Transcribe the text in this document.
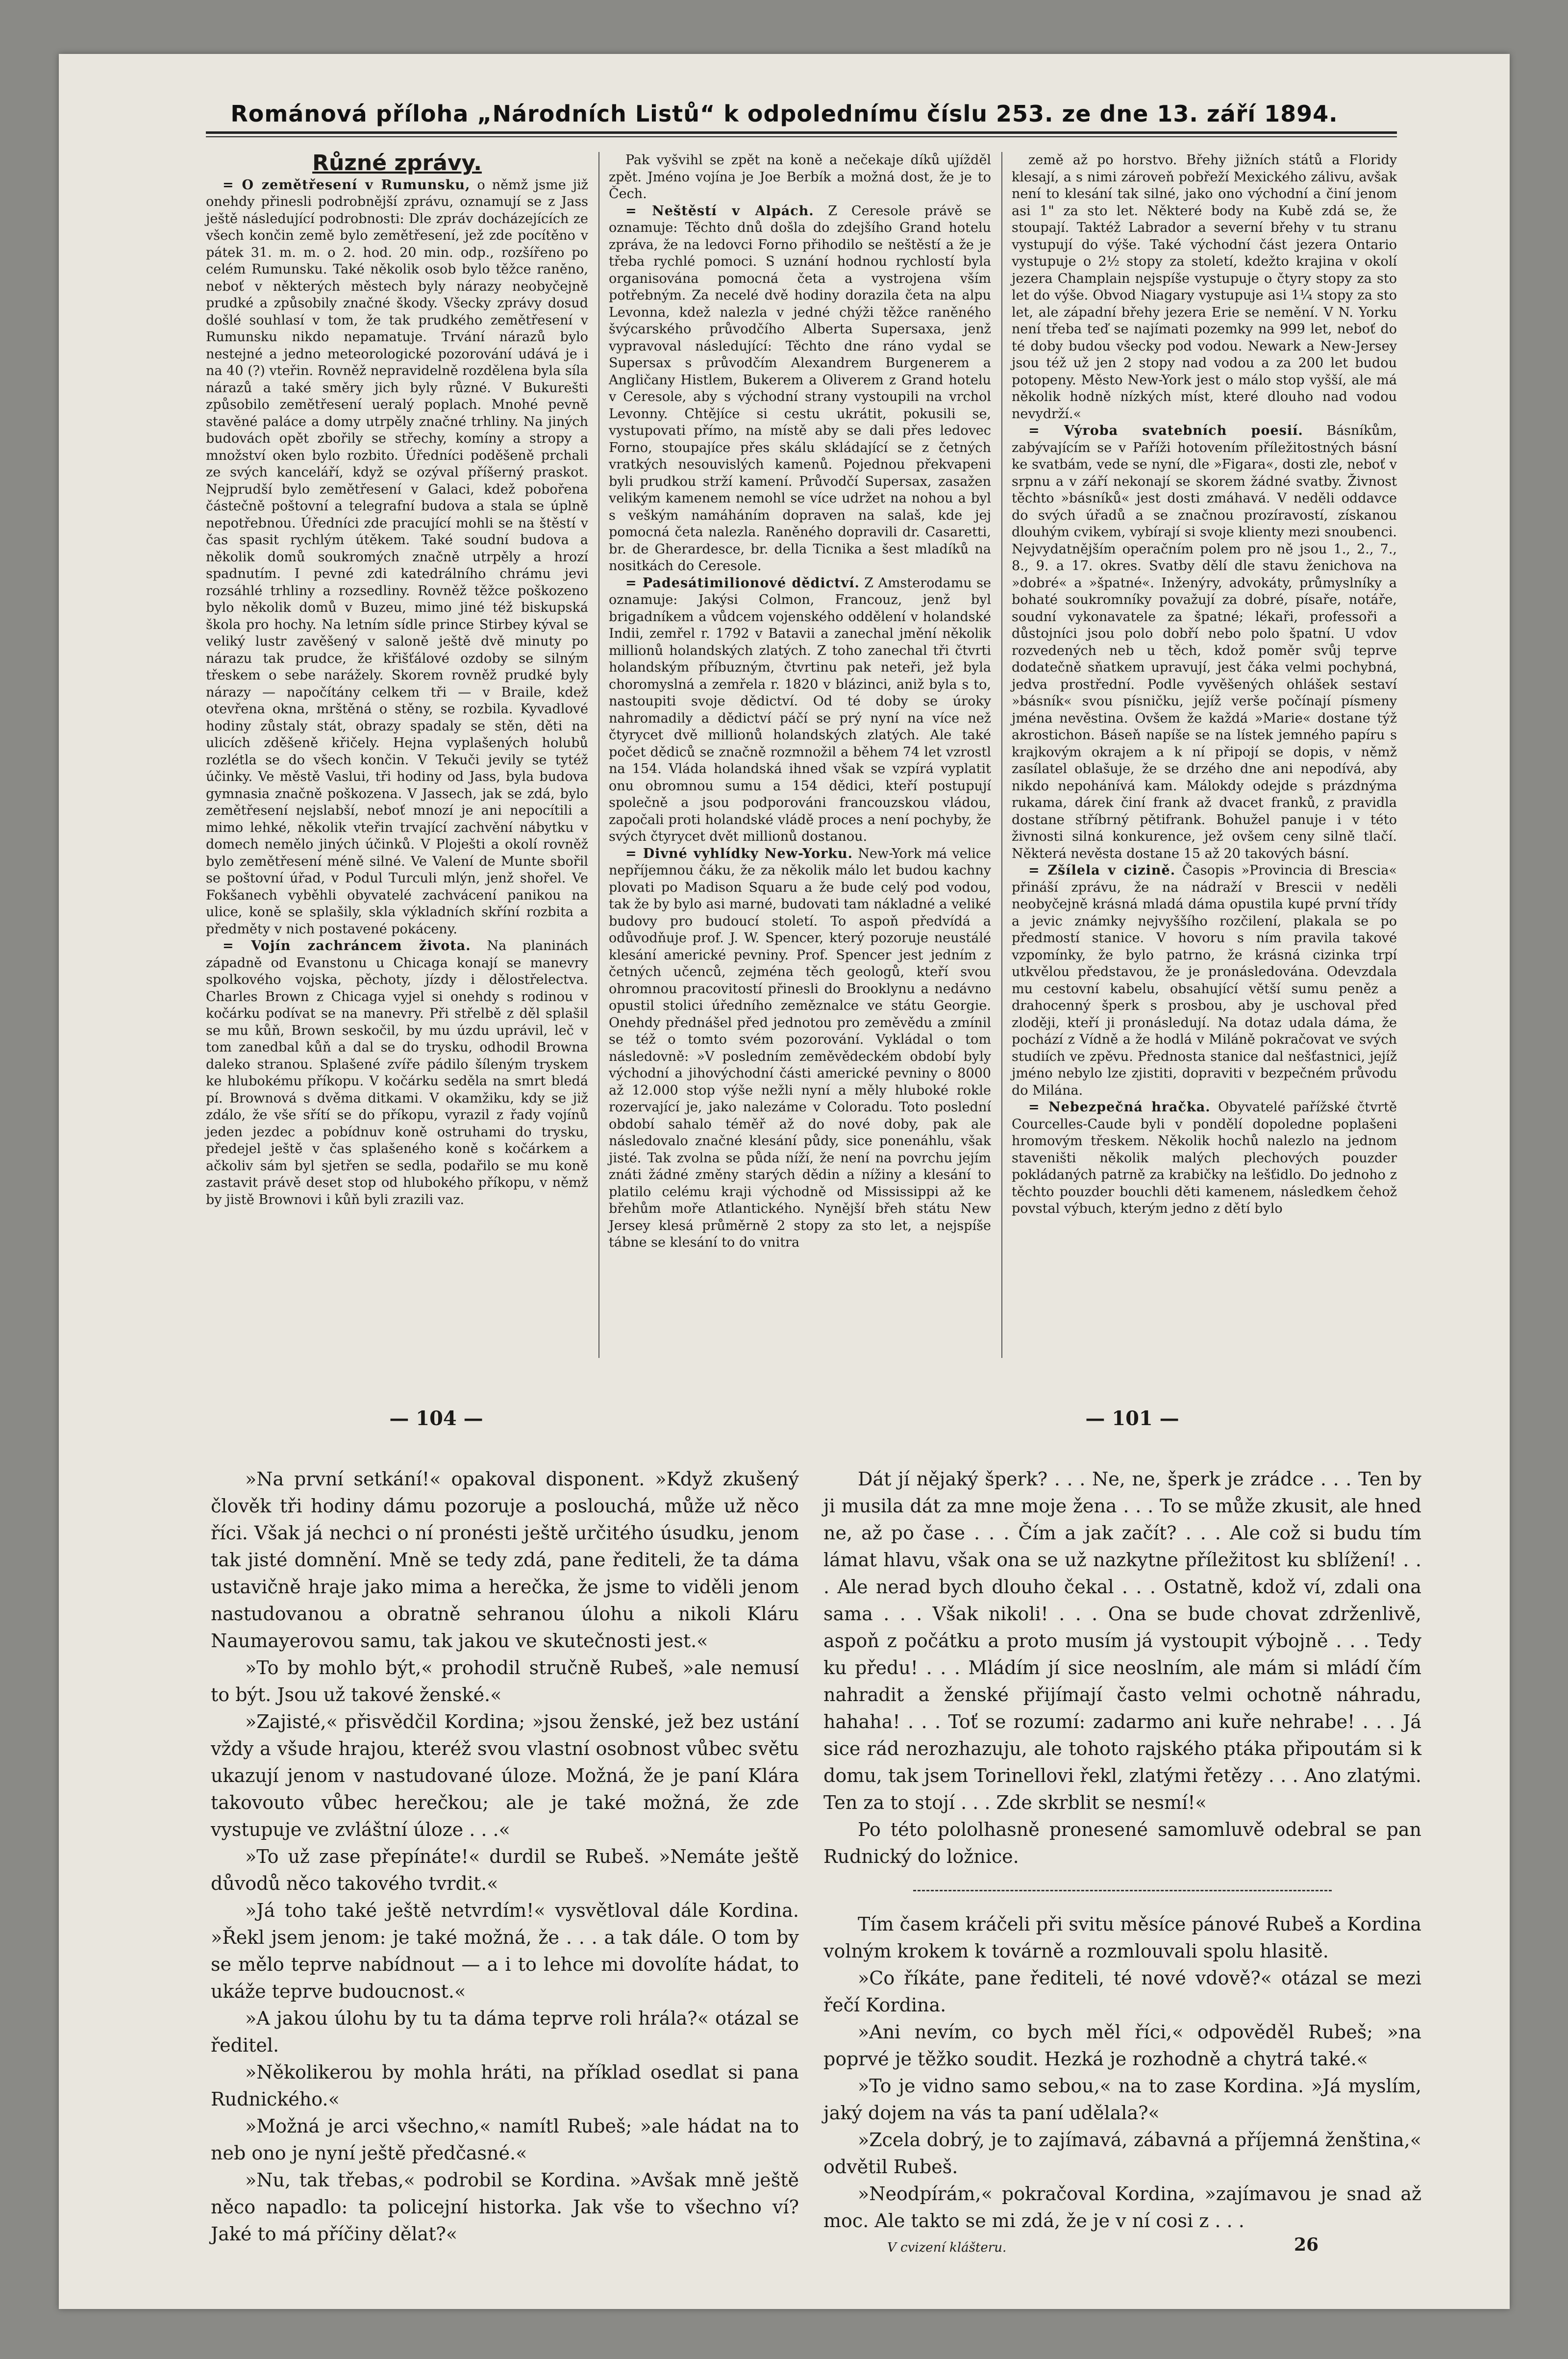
Románová příloha „Národních Listů“ k odpolednímu číslu 253. ze dne 13. září 1894.
Různé zprávy.

= O zemětřesení v Rumunsku, o němž jsme již onehdy přinesli podrobnější zprávu, oznamují se z Jass ještě následující podrobnosti: Dle zpráv docházejících ze všech končin země bylo zemětřesení, jež zde pocítěno v pátek 31. m. m. o 2. hod. 20 min. odp., rozšířeno po celém Rumunsku. Také několik osob bylo těžce raněno, neboť v některých městech byly nárazy neobyčejně prudké a způsobily značné škody. Všecky zprávy dosud došlé souhlasí v tom, že tak prudkého zemětřesení v Rumunsku nikdo nepamatuje. Trvání nárazů bylo nestejné a jedno meteorologické pozorování udává je i na 40 (?) vteřin. Rovněž nepravidelně rozdělena byla síla nárazů a také směry jich byly různé. V Bukurešti způsobilo zemětřesení ueralý poplach. Mnohé pevně stavěné paláce a domy utrpěly značné trhliny. Na jiných budovách opět zbořily se střechy, komíny a stropy a množství oken bylo rozbito. Úředníci poděšeně prchali ze svých kanceláří, když se ozýval příšerný praskot. Nejprudší bylo zemětřesení v Galaci, kdež pobořena částečně poštovní a telegrafní budova a stala se úplně nepotřebnou. Úředníci zde pracující mohli se na štěstí v čas spasit rychlým útěkem. Také soudní budova a několik domů soukromých značně utrpěly a hrozí spadnutím. I pevné zdi katedrálního chrámu jevi rozsáhlé trhliny a rozsedliny. Rovněž těžce poškozeno bylo několik domů v Buzeu, mimo jiné též biskupská škola pro hochy. Na letním sídle prince Stirbey kýval se veliký lustr zavěšený v saloně ještě dvě minuty po nárazu tak prudce, že křišťálové ozdoby se silným třeskem o sebe narážely. Skorem rovněž prudké byly nárazy — napočítány celkem tři — v Braile, kdež otevřena okna, mrštěná o stěny, se rozbila. Kyvadlové hodiny zůstaly stát, obrazy spadaly se stěn, děti na ulicích zděšeně křičely. Hejna vyplašených holubů rozlétla se do všech končin. V Tekuči jevily se tytéž účinky. Ve městě Vaslui, tři hodiny od Jass, byla budova gymnasia značně poškozena. V Jassech, jak se zdá, bylo zemětřesení nejslabší, neboť mnozí je ani nepocítili a mimo lehké, několik vteřin trvající zachvění nábytku v domech nemělo jiných účinků. V Ploješti a okolí rovněž bylo zemětřesení méně silné. Ve Valení de Munte sbořil se poštovní úřad, v Podul Turculi mlýn, jenž shořel. Ve Fokšanech vyběhli obyvatelé zachvácení panikou na ulice, koně se splašily, skla výkladních skříní rozbita a předměty v nich postavené pokáceny.

= Vojín zachráncem života. Na planinách západně od Evanstonu u Chicaga konají se manevry spolkového vojska, pěchoty, jízdy i dělostřelectva. Charles Brown z Chicaga vyjel si onehdy s rodinou v kočárku podívat se na manevry. Při střelbě z děl splašil se mu kůň, Brown seskočil, by mu úzdu uprávil, leč v tom zanedbal kůň a dal se do trysku, odhodil Browna daleko stranou. Splašené zvíře pádilo šíleným tryskem ke hlubokému příkopu. V kočárku seděla na smrt bledá pí. Brownová s dvěma ditkami. V okamžiku, kdy se již zdálo, že vše sřítí se do příkopu, vyrazil z řady vojínů jeden jezdec a pobídnuv koně ostruhami do trysku, předejel ještě v čas splašeného koně s kočárkem a ačkoliv sám byl sjetřen se sedla, podařilo se mu koně zastavit právě deset stop od hlubokého příkopu, v němž by jistě Brownovi i kůň byli zrazili vaz.

Pak vyšvihl se zpět na koně a nečekaje díků ujížděl zpět. Jméno vojína je Joe Berbík a možná dost, že je to Čech.

= Neštěstí v Alpách. Z Ceresole právě se oznamuje: Těchto dnů došla do zdejšího Grand hotelu zpráva, že na ledovci Forno přihodilo se neštěstí a že je třeba rychlé pomoci. S uznání hodnou rychlostí byla organisována pomocná četa a vystrojena vším potřebným. Za necelé dvě hodiny dorazila četa na alpu Levonna, kdež nalezla v jedné chýži těžce raněného švýcarského průvodčího Alberta Supersaxa, jenž vypravoval následující: Těchto dne ráno vydal se Supersax s průvodčím Alexandrem Burgenerem a Angličany Histlem, Bukerem a Oliverem z Grand hotelu v Ceresole, aby s východní strany vystoupili na vrchol Levonny. Chtějíce si cestu ukrátit, pokusili se, vystupovati přímo, na místě aby se dali přes ledovec Forno, stoupajíce přes skálu skládající se z četných vratkých nesouvislých kamenů. Pojednou překvapeni byli prudkou strží kamení. Průvodčí Supersax, zasažen velikým kamenem nemohl se více udržet na nohou a byl s veškým namáháním dopraven na salaš, kde jej pomocná četa nalezla. Raněného dopravili dr. Casaretti, br. de Gherardesce, br. della Ticnika a šest mladíků na nositkách do Ceresole.

= Padesátimilionové dědictví. Z Amsterodamu se oznamuje: Jakýsi Colmon, Francouz, jenž byl brigadníkem a vůdcem vojenského oddělení v holandské Indii, zemřel r. 1792 v Batavii a zanechal jmění několik millionů holandských zlatých. Z toho zanechal tři čtvrti holandským příbuzným, čtvrtinu pak neteři, jež byla choromyslná a zemřela r. 1820 v blázinci, aniž byla s to, nastoupiti svoje dědictví. Od té doby se úroky nahromadily a dědictví páčí se prý nyní na více než čtyrycet dvě millionů holandských zlatých. Ale také počet dědiců se značně rozmnožil a během 74 let vzrostl na 154. Vláda holandská ihned však se vzpírá vyplatit onu obromnou sumu a 154 dědici, kteří postupují společně a jsou podporováni francouzskou vládou, započali proti holandské vládě proces a není pochyby, že svých čtyrycet dvět millionů dostanou.

= Divné vyhlídky New-Yorku. New-York má velice nepříjemnou čáku, že za několik málo let budou kachny plovati po Madison Squaru a že bude celý pod vodou, tak že by bylo asi marné, budovati tam nákladné a veliké budovy pro budoucí století. To aspoň předvídá a odůvodňuje prof. J. W. Spencer, který pozoruje neustálé klesání americké pevniny. Prof. Spencer jest jedním z četných učenců, zejména těch geologů, kteří svou ohromnou pracovitostí přinesli do Brooklynu a nedávno opustil stolici úředního zeměznalce ve státu Georgie. Onehdy přednášel před jednotou pro zeměvědu a zmínil se též o tomto svém pozorování. Vykládal o tom následovně: »V posledním zeměvědeckém období byly východní a jihovýchodní části americké pevniny o 8000 až 12.000 stop výše nežli nyní a měly hluboké rokle rozervající je, jako nalezáme v Coloradu. Toto poslední období sahalo téměř až do nové doby, pak ale následovalo značné klesání půdy, sice ponenáhlu, však jisté. Tak zvolna se půda níží, že není na povrchu jejím znáti žádné změny starých dědin a nížiny a klesání to platilo celému kraji východně od Mississippi až ke břehům moře Atlantického. Nynější břeh státu New Jersey klesá průměrně 2 stopy za sto let, a nejspíše tábne se klesání to do vnitra

země až po horstvo. Břehy jižních států a Floridy klesají, a s nimi zároveň pobřeží Mexického zálivu, avšak není to klesání tak silné, jako ono východní a činí jenom asi 1" za sto let. Některé body na Kubě zdá se, že stoupají. Taktéž Labrador a severní břehy v tu stranu vystupují do výše. Také východní část jezera Ontario vystupuje o 2½ stopy za století, kdežto krajina v okolí jezera Champlain nejspíše vystupuje o čtyry stopy za sto let do výše. Obvod Niagary vystupuje asi 1¼ stopy za sto let, ale západní břehy jezera Erie se nemění. V N. Yorku není třeba teď se najímati pozemky na 999 let, neboť do té doby budou všecky pod vodou. Newark a New-Jersey jsou též už jen 2 stopy nad vodou a za 200 let budou potopeny. Město New-York jest o málo stop vyšší, ale má několik hodně nízkých míst, které dlouho nad vodou nevydrží.«

= Výroba svatebních poesií. Básníkům, zabývajícím se v Paříži hotovením příležitostných básní ke svatbám, vede se nyní, dle »Figara«, dosti zle, neboť v srpnu a v září nekonají se skorem žádné svatby. Živnost těchto »básníků« jest dosti zmáhavá. V neděli oddavce do svých úřadů a se značnou prozíravostí, získanou dlouhým cvikem, vybírají si svoje klienty mezi snoubenci. Nejvydatnějším operačním polem pro ně jsou 1., 2., 7., 8., 9. a 17. okres. Svatby dělí dle stavu ženichova na »dobré« a »špatné«. Inženýry, advokáty, průmyslníky a bohaté soukromníky považují za dobré, písaře, notáře, soudní vykonavatele za špatné; lékaři, professoři a důstojníci jsou polo dobří nebo polo špatní. U vdov rozvedených neb u těch, kdož poměr svůj teprve dodatečně sňatkem upravují, jest čáka velmi pochybná, jedva prostřední. Podle vyvěšených ohlášek sestaví »básník« svou písničku, jejíž verše počínají písmeny jména nevěstina. Ovšem že každá »Marie« dostane týž akrostichon. Báseň napíše se na lístek jemného papíru s krajkovým okrajem a k ní připojí se dopis, v němž zasílatel oblašuje, že se drzého dne ani nepodívá, aby nikdo nepohánívá kam. Málokdy odejde s prázdnýma rukama, dárek činí frank až dvacet franků, z pravidla dostane stříbrný pětifrank. Bohužel panuje i v této živnosti silná konkurence, jež ovšem ceny silně tlačí. Některá nevěsta dostane 15 až 20 takových básní.

= Zšílela v cizině. Časopis »Provincia di Brescia« přináší zprávu, že na nádraží v Brescii v neděli neobyčejně krásná mladá dáma opustila kupé první třídy a jevic známky nejvyššího rozčilení, plakala se po předmostí stanice. V hovoru s ním pravila takové vzpomínky, že bylo patrno, že krásná cizinka trpí utkvělou představou, že je pronásledována. Odevzdala mu cestovní kabelu, obsahující větší sumu peněz a drahocenný šperk s prosbou, aby je uschoval před zloději, kteří ji pronásledují. Na dotaz udala dáma, že pochází z Vídně a že hodlá v Miláně pokračovat ve svých studiích ve zpěvu. Přednosta stanice dal nešťastnici, jejíž jméno nebylo lze zjistiti, dopraviti v bezpečném průvodu do Milána.

= Nebezpečná hračka. Obyvatelé pařížské čtvrtě Courcelles-Caude byli v pondělí dopoledne poplašeni hromovým třeskem. Několik hochů nalezlo na jednom staveništi několik malých plechových pouzder pokládaných patrně za krabičky na lešťidlo. Do jednoho z těchto pouzder bouchli děti kamenem, následkem čehož povstal výbuch, kterým jedno z dětí bylo

— 104 —	— 101 —

»Na první setkání!« opakoval disponent. »Když zkušený člověk tři hodiny dámu pozoruje a poslouchá, může už něco říci. Však já nechci o ní pronésti ještě určitého úsudku, jenom tak jisté domnění. Mně se tedy zdá, pane řediteli, že ta dáma ustavičně hraje jako mima a herečka, že jsme to viděli jenom nastudovanou a obratně sehranou úlohu a nikoli Kláru Naumayerovou samu, tak jakou ve skutečnosti jest.«

»To by mohlo být,« prohodil stručně Rubeš, »ale nemusí to být. Jsou už takové ženské.«

»Zajisté,« přisvědčil Kordina; »jsou ženské, jež bez ustání vždy a všude hrajou, kteréž svou vlastní osobnost vůbec světu ukazují jenom v nastudované úloze. Možná, že je paní Klára takovouto vůbec herečkou; ale je také možná, že zde vystupuje ve zvláštní úloze . . .«

»To už zase přepínáte!« durdil se Rubeš. »Nemáte ještě důvodů něco takového tvrdit.«

»Já toho také ještě netvrdím!« vysvětloval dále Kordina. »Řekl jsem jenom: je také možná, že . . . a tak dále. O tom by se mělo teprve nabídnout — a i to lehce mi dovolíte hádat, to ukáže teprve budoucnost.«

»A jakou úlohu by tu ta dáma teprve roli hrála?« otázal se ředitel.

»Několikerou by mohla hráti, na příklad osedlat si pana Rudnického.«

»Možná je arci všechno,« namítl Rubeš; »ale hádat na to neb ono je nyní ještě předčasné.«

»Nu, tak třebas,« podrobil se Kordina. »Avšak mně ještě něco napadlo: ta policejní historka. Jak vše to všechno ví? Jaké to má příčiny dělat?«

Dát jí nějaký šperk? . . . Ne, ne, šperk je zrádce . . . Ten by ji musila dát za mne moje žena . . . To se může zkusit, ale hned ne, až po čase . . . Čím a jak začít? . . . Ale což si budu tím lámat hlavu, však ona se už nazkytne příležitost ku sblížení! . . . Ale nerad bych dlouho čekal . . . Ostatně, kdož ví, zdali ona sama . . . Však nikoli! . . . Ona se bude chovat zdrženlivě, aspoň z počátku a proto musím já vystoupit výbojně . . . Tedy ku předu! . . . Mládím jí sice neoslním, ale mám si mládí čím nahradit a ženské přijímají často velmi ochotně náhradu, hahaha! . . . Toť se rozumí: zadarmo ani kuře nehrabe! . . . Já sice rád nerozhazuju, ale tohoto rajského ptáka připoutám si k domu, tak jsem Torinellovi řekl, zlatými řetězy . . . Ano zlatými. Ten za to stojí . . . Zde skrblit se nesmí!«

Po této pololhasně pronesené samomluvě odebral se pan Rudnický do ložnice.

Tím časem kráčeli při svitu měsíce pánové Rubeš a Kordina volným krokem k továrně a rozmlouvali spolu hlasitě.

»Co říkáte, pane řediteli, té nové vdově?« otázal se mezi řečí Kordina.

»Ani nevím, co bych měl říci,« odpověděl Rubeš; »na poprvé je těžko soudit. Hezká je rozhodně a chytrá také.«

»To je vidno samo sebou,« na to zase Kordina. »Já myslím, jaký dojem na vás ta paní udělala?«

»Zcela dobrý, je to zajímavá, zábavná a příjemná ženština,« odvětil Rubeš.

»Neodpírám,« pokračoval Kordina, »zajímavou je snad až moc. Ale takto se mi zdá, že je v ní cosi z . . .

V cvizení klášteru.	26
